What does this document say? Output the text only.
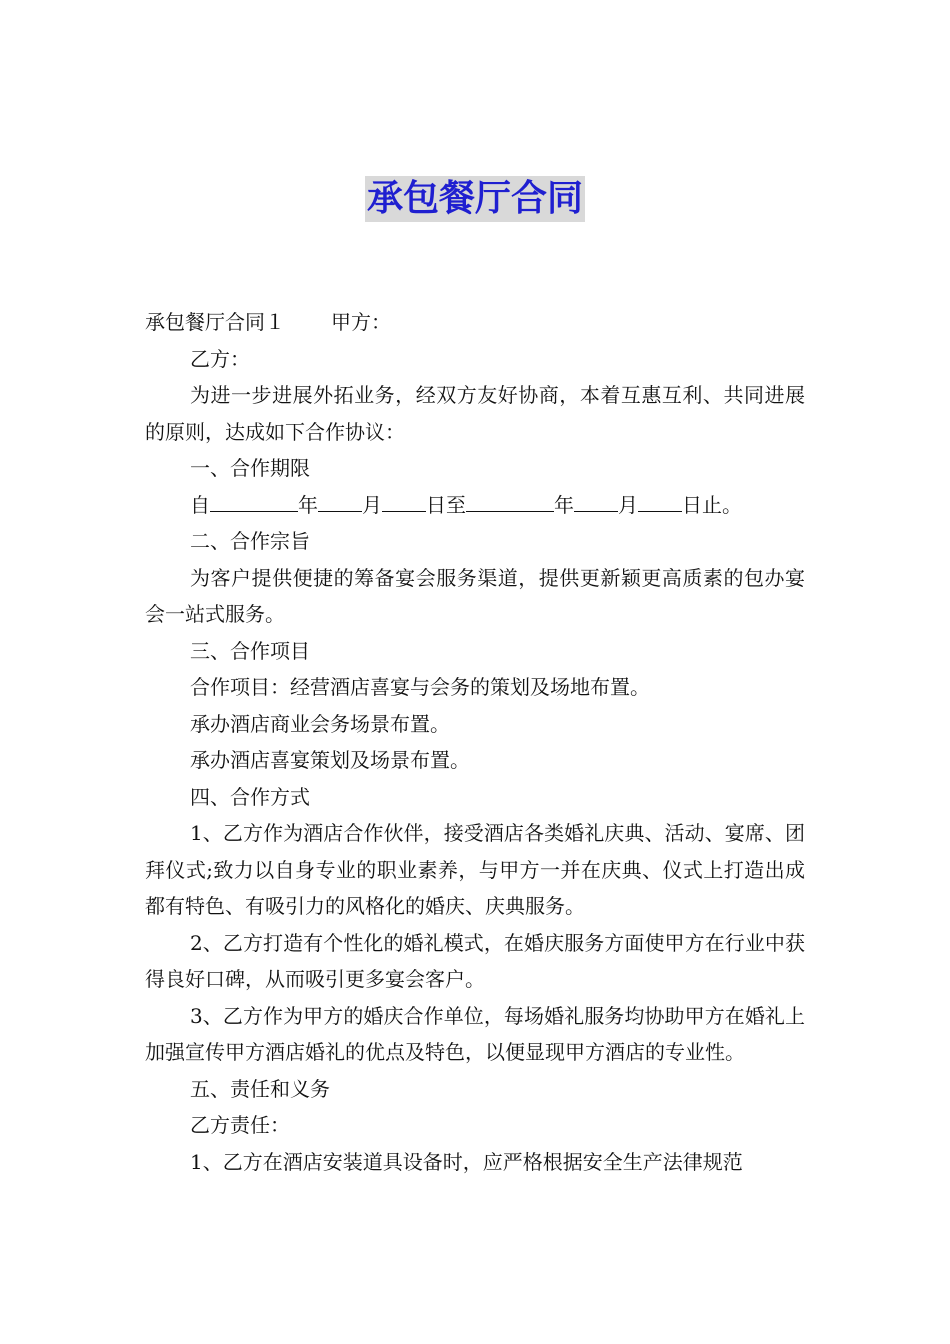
承包餐厅合同

承包餐厅合同１ 甲方：

乙方：

为进一步进展外拓业务，经双方友好协商，本着互惠互利、共同进展的原则，达成如下合作协议：

一、合作期限

自	年 月 日至	年 月 日止。

二、合作宗旨

为客户提供便捷的筹备宴会服务渠道，提供更新颖更高质素的包办宴会一站式服务。

三、合作项目

合作项目：经营酒店喜宴与会务的策划及场地布置。

承办酒店商业会务场景布置。

承办酒店喜宴策划及场景布置。

四、合作方式

1、乙方作为酒店合作伙伴，接受酒店各类婚礼庆典、活动、宴席、团拜仪式;致力以自身专业的职业素养，与甲方一并在庆典、仪式上打造出成都有特色、有吸引力的风格化的婚庆、庆典服务。

2、乙方打造有个性化的婚礼模式，在婚庆服务方面使甲方在行业中获得良好口碑，从而吸引更多宴会客户。

3、乙方作为甲方的婚庆合作单位，每场婚礼服务均协助甲方在婚礼上加强宣传甲方酒店婚礼的优点及特色，以便显现甲方酒店的专业性。

五、责任和义务

乙方责任：

1、乙方在酒店安装道具设备时，应严格根据安全生产法律规范
